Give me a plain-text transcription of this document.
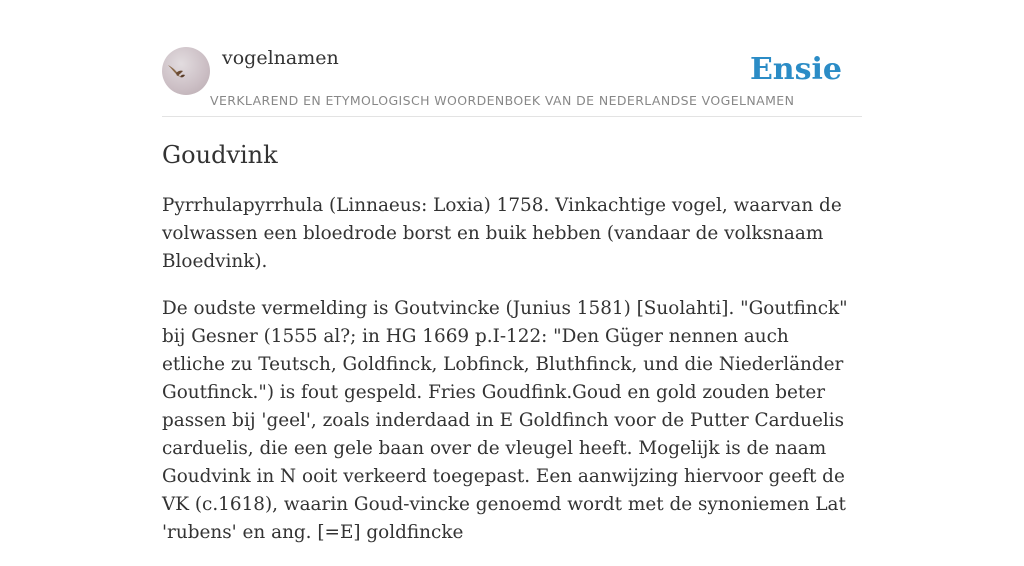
vogelnamen
VERKLAREND EN ETYMOLOGISCH WOORDENBOEK VAN DE NEDERLANDSE VOGELNAMEN
Ensie
Goudvink

Pyrrhulapyrrhula (Linnaeus: Loxia) 1758. Vinkachtige vogel, waarvan de volwassen een bloedrode borst en buik hebben (vandaar de volksnaam Bloedvink).

De oudste vermelding is Goutvincke (Junius 1581) [Suolahti]. "Goutfinck" bij Gesner (1555 al?; in HG 1669 p.I-122: "Den Güger nennen auch etliche zu Teutsch, Goldfinck, Lobfinck, Bluthfinck, und die Niederländer Goutfinck.") is fout gespeld. Fries Goudfink.Goud en gold zouden beter passen bij 'geel', zoals inderdaad in E Goldfinch voor de Putter Carduelis carduelis, die een gele baan over de vleugel heeft. Mogelijk is de naam Goudvink in N ooit verkeerd toegepast. Een aanwijzing hiervoor geeft de VK (c.1618), waarin Goud-vincke genoemd wordt met de synoniemen Lat 'rubens' en ang. [=E] goldfincke
